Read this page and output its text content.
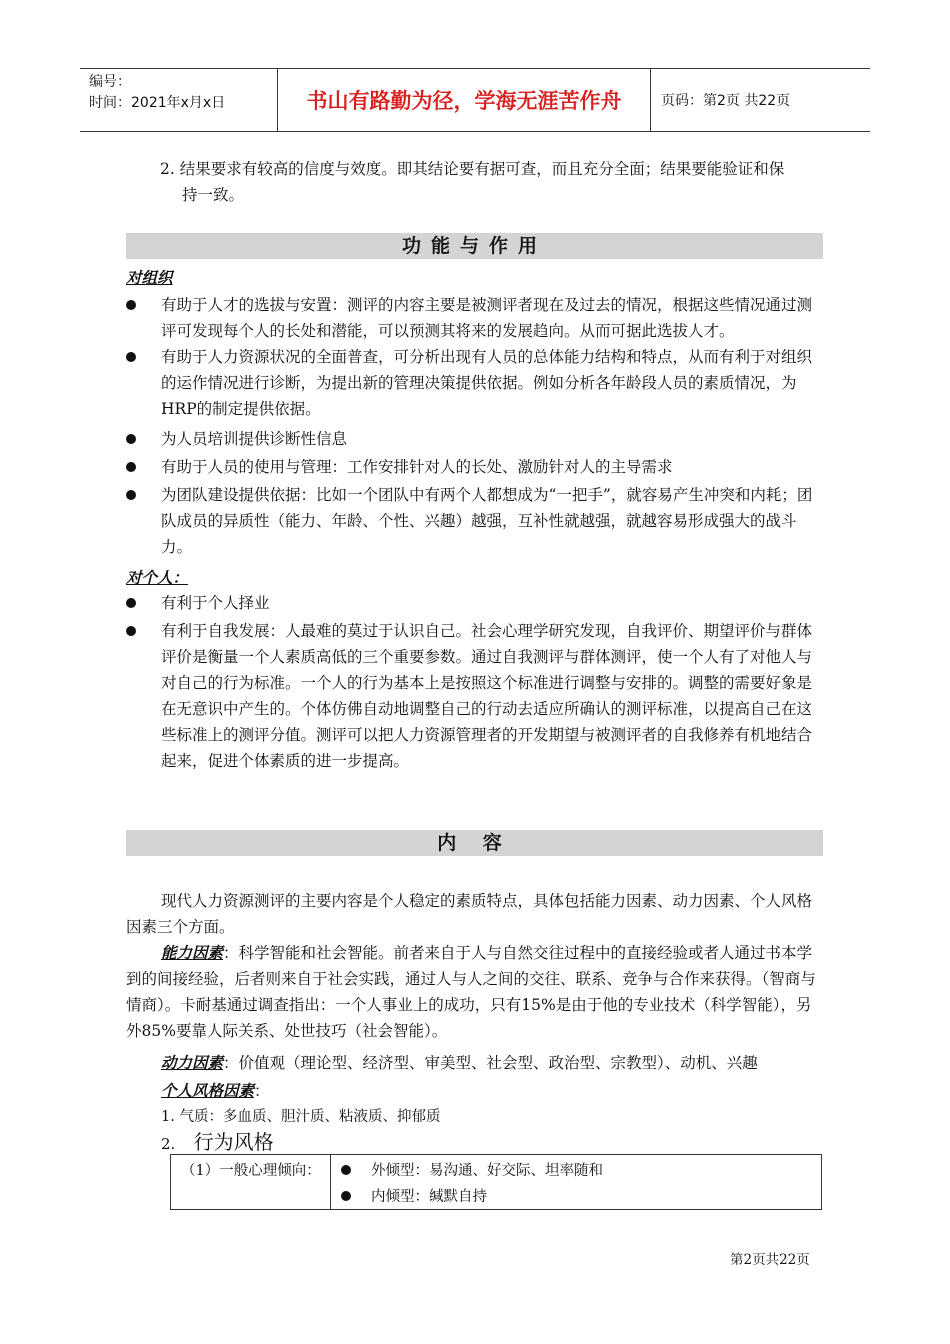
编号：
时间：2021年x月x日	书山有路勤为径，学海无涯苦作舟	页码：第2页 共22页
2. 结果要求有较高的信度与效度。即其结论要有据可查，而且充分全面；结果要能验证和保
持一致。
功能与作用
对组织
有助于人才的选拔与安置：测评的内容主要是被测评者现在及过去的情况，根据这些情况通过测评可发现每个人的长处和潜能，可以预测其将来的发展趋向。从而可据此选拔人才。
有助于人力资源状况的全面普查，可分析出现有人员的总体能力结构和特点，从而有利于对组织的运作情况进行诊断，为提出新的管理决策提供依据。例如分析各年龄段人员的素质情况，为HRP的制定提供依据。
为人员培训提供诊断性信息
有助于人员的使用与管理：工作安排针对人的长处、激励针对人的主导需求
为团队建设提供依据：比如一个团队中有两个人都想成为“一把手”，就容易产生冲突和内耗；团队成员的异质性（能力、年龄、个性、兴趣）越强，互补性就越强，就越容易形成强大的战斗力。
对个人：
有利于个人择业
有利于自我发展：人最难的莫过于认识自己。社会心理学研究发现，自我评价、期望评价与群体评价是衡量一个人素质高低的三个重要参数。通过自我测评与群体测评，使一个人有了对他人与对自己的行为标准。一个人的行为基本上是按照这个标准进行调整与安排的。调整的需要好象是在无意识中产生的。个体仿佛自动地调整自己的行动去适应所确认的测评标准，以提高自己在这些标准上的测评分值。测评可以把人力资源管理者的开发期望与被测评者的自我修养有机地结合起来，促进个体素质的进一步提高。
内 容
现代人力资源测评的主要内容是个人稳定的素质特点，具体包括能力因素、动力因素、个人风格因素三个方面。
能力因素：科学智能和社会智能。前者来自于人与自然交往过程中的直接经验或者人通过书本学到的间接经验，后者则来自于社会实践，通过人与人之间的交往、联系、竞争与合作来获得。（智商与情商）。卡耐基通过调查指出：一个人事业上的成功，只有15%是由于他的专业技术（科学智能），另外85%要靠人际关系、处世技巧（社会智能）。
动力因素：价值观（理论型、经济型、审美型、社会型、政治型、宗教型）、动机、兴趣
个人风格因素：
1. 气质：多血质、胆汁质、粘液质、抑郁质
2. 行为风格
（1）一般心理倾向：	外倾型：易沟通、好交际、坦率随和
内倾型：缄默自持
第2页共22页
